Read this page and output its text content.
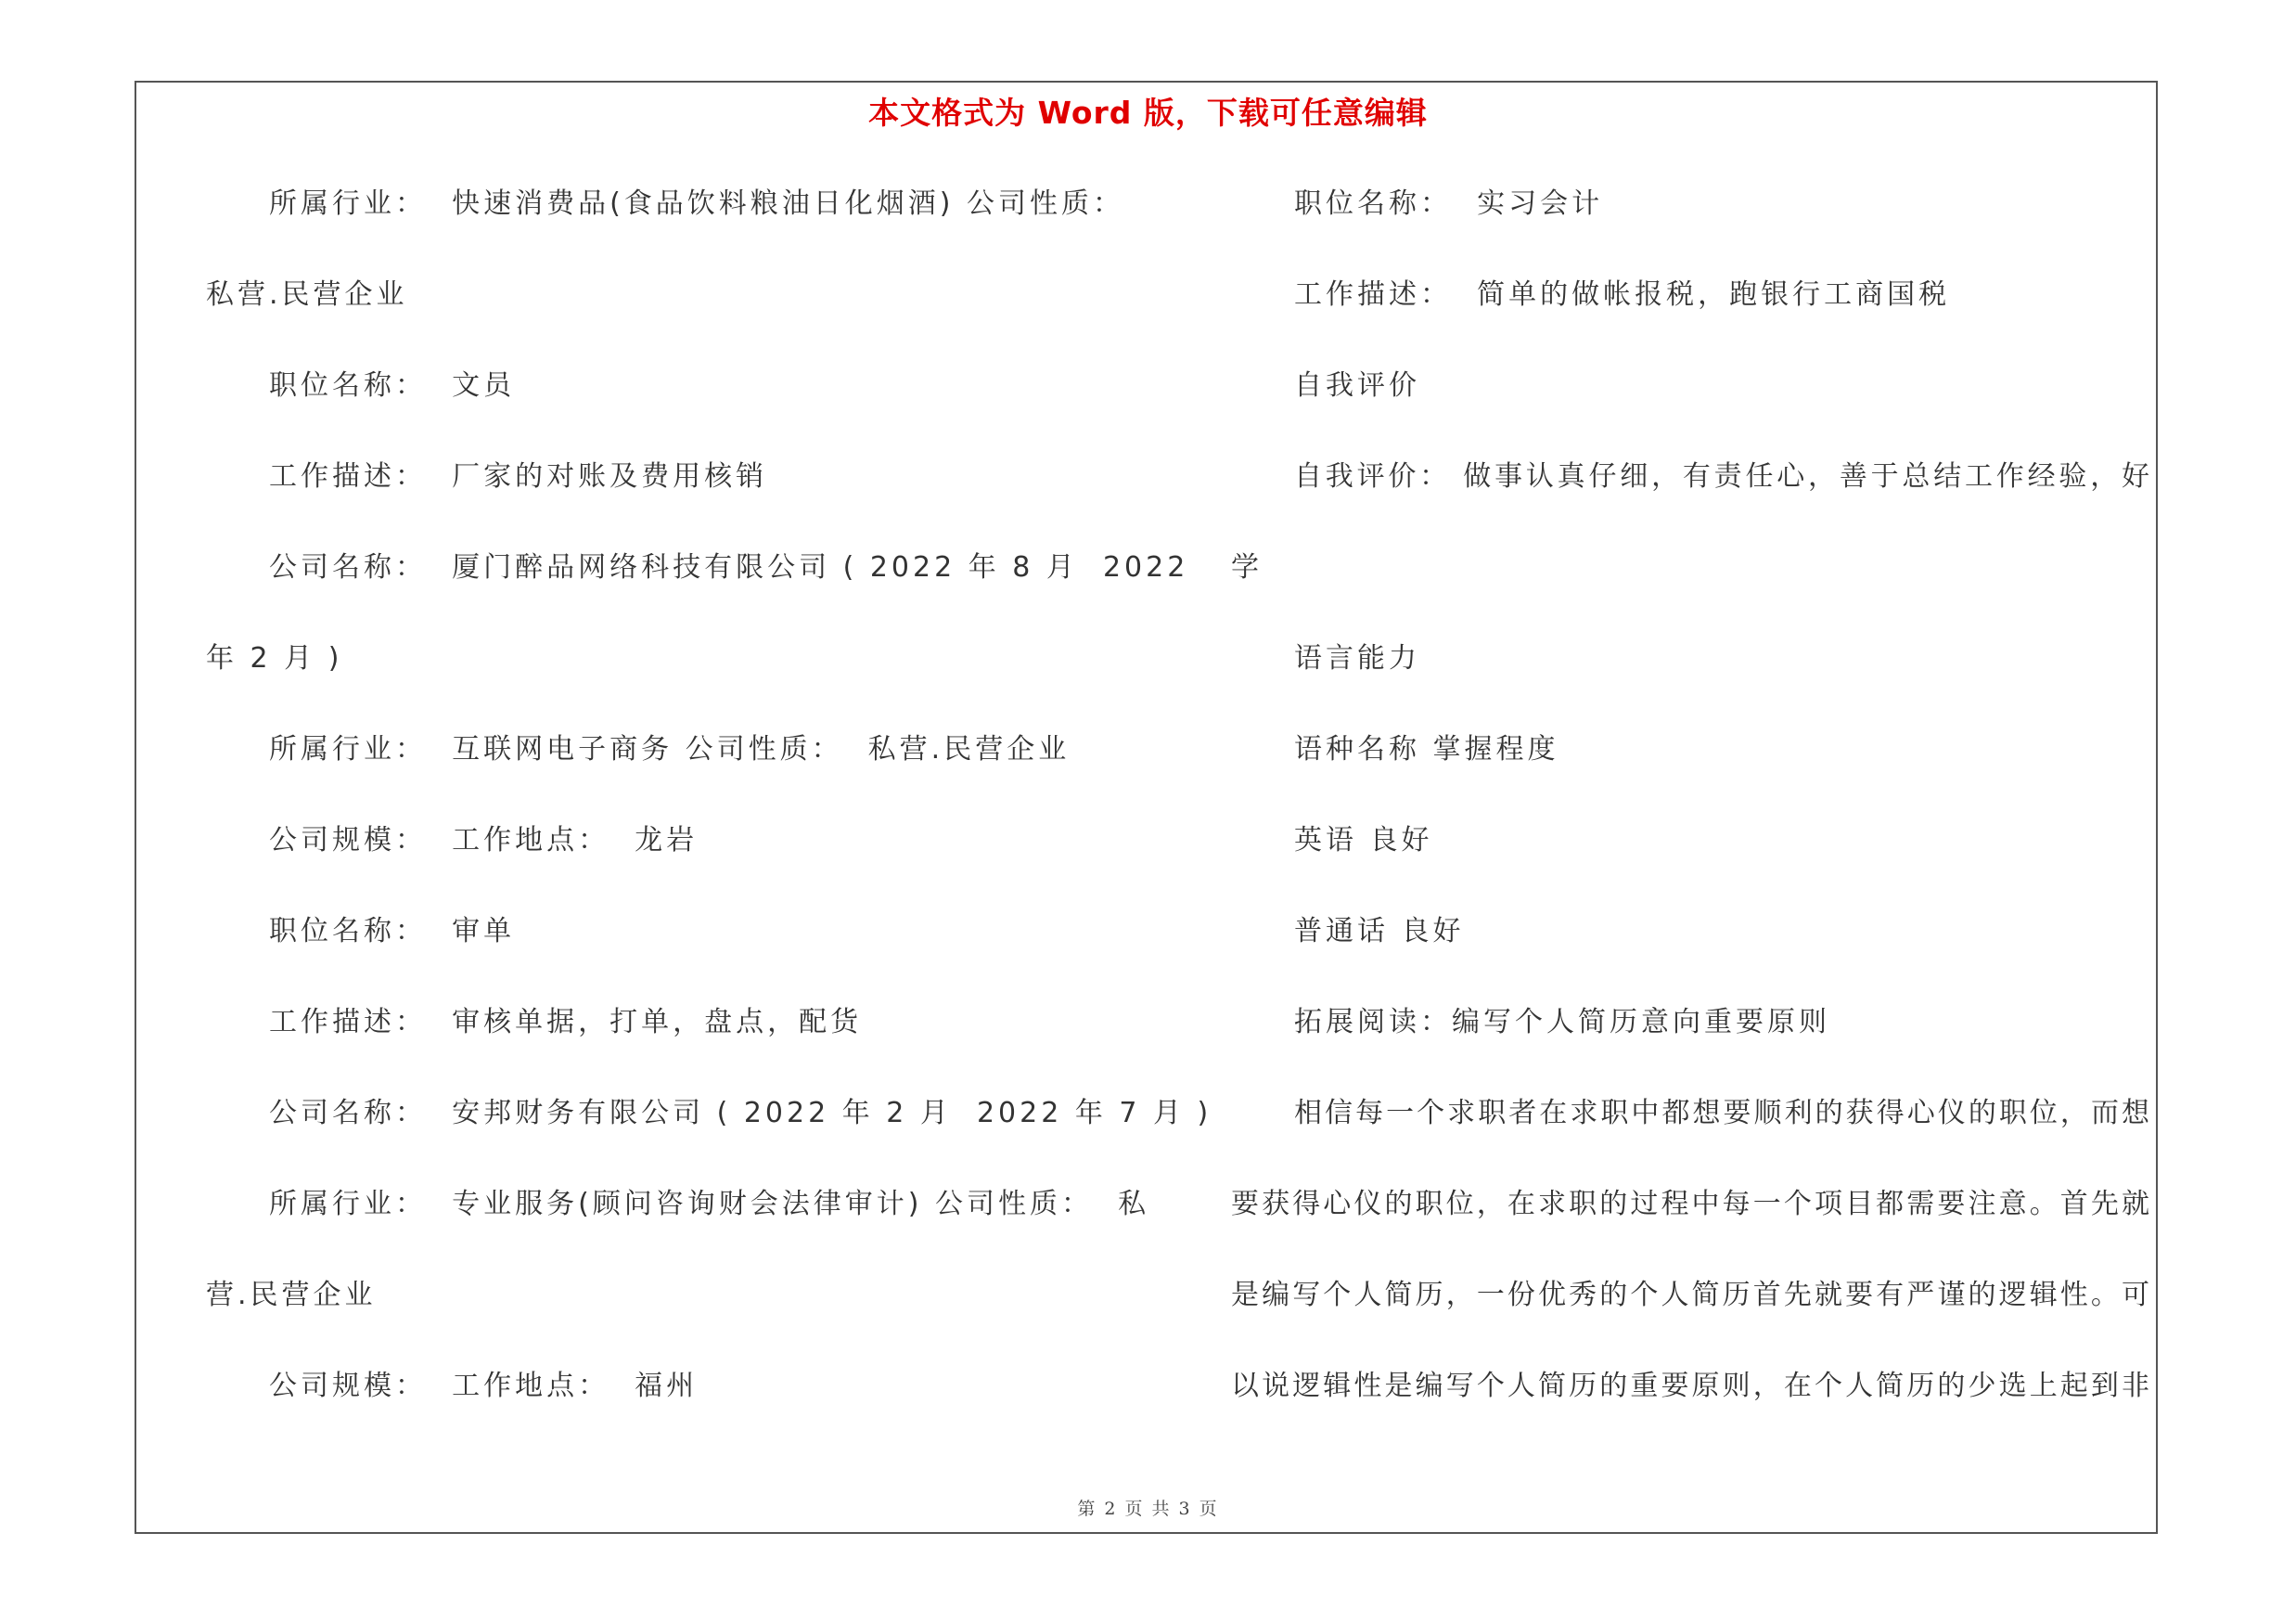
本文格式为 Word 版，下载可任意编辑
所属行业：  快速消费品(食品饮料粮油日化烟酒) 公司性质：
私营.民营企业
职位名称：  文员
工作描述：  厂家的对账及费用核销
公司名称：  厦门醉品网络科技有限公司 ( 2022 年 8 月  2022
年 2 月 )
所属行业：  互联网电子商务 公司性质：  私营.民营企业
公司规模：  工作地点：  龙岩
职位名称：  审单
工作描述：  审核单据，打单，盘点，配货
公司名称：  安邦财务有限公司 ( 2022 年 2 月  2022 年 7 月 )
所属行业：  专业服务(顾问咨询财会法律审计) 公司性质：  私
营.民营企业
公司规模：  工作地点：  福州
职位名称：  实习会计
工作描述：  简单的做帐报税，跑银行工商国税
自我评价
自我评价： 做事认真仔细，有责任心，善于总结工作经验，好
学
语言能力
语种名称 掌握程度
英语 良好
普通话 良好
拓展阅读：编写个人简历意向重要原则
相信每一个求职者在求职中都想要顺利的获得心仪的职位，而想
要获得心仪的职位，在求职的过程中每一个项目都需要注意。首先就
是编写个人简历，一份优秀的个人简历首先就要有严谨的逻辑性。可
以说逻辑性是编写个人简历的重要原则，在个人简历的少选上起到非
第 2 页 共 3 页
